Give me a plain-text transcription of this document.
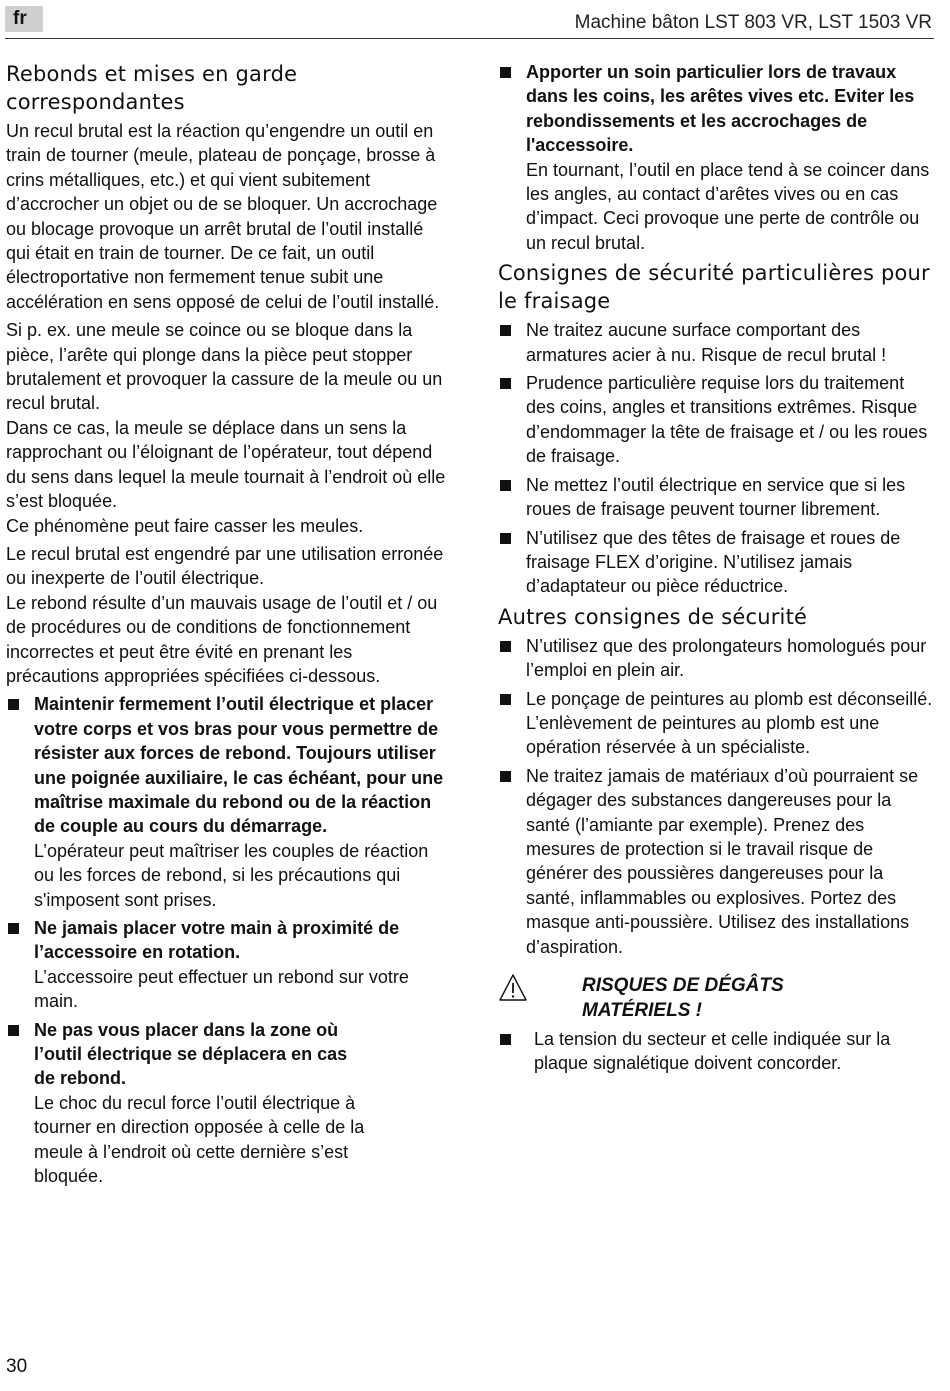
fr	Machine bâton LST 803 VR, LST 1503 VR
Rebonds et mises en garde correspondantes

Un recul brutal est la réaction qu’engendre un outil en train de tourner (meule, plateau de ponçage, brosse à crins métalliques, etc.) et qui vient subitement d’accrocher un objet ou de se bloquer. Un accrochage ou blocage provoque un arrêt brutal de l’outil installé qui était en train de tourner. De ce fait, un outil électroportative non fermement tenue subit une accélération en sens opposé de celui de l’outil installé.

Si p. ex. une meule se coince ou se bloque dans la pièce, l’arête qui plonge dans la pièce peut stopper brutalement et provoquer la cassure de la meule ou un recul brutal.

Dans ce cas, la meule se déplace dans un sens la rapprochant ou l’éloignant de l’opérateur, tout dépend du sens dans lequel la meule tournait à l’endroit où elle s’est bloquée.

Ce phénomène peut faire casser les meules.

Le recul brutal est engendré par une utilisation erronée ou inexperte de l’outil électrique.

Le rebond résulte d’un mauvais usage de l’outil et / ou de procédures ou de conditions de fonctionnement incorrectes et peut être évité en prenant les précautions appropriées spécifiées ci-dessous.

Maintenir fermement l’outil électrique et placer votre corps et vos bras pour vous permettre de résister aux forces de rebond. Toujours utiliser une poignée auxiliaire, le cas échéant, pour une maîtrise maximale du rebond ou de la réaction de couple au cours du démarrage.
L’opérateur peut maîtriser les couples de réaction ou les forces de rebond, si les précautions qui s'imposent sont prises.
Ne jamais placer votre main à proximité de l’accessoire en rotation.
L’accessoire peut effectuer un rebond sur votre main.
Ne pas vous placer dans la zone où l’outil électrique se déplacera en cas de rebond.
Le choc du recul force l’outil électrique à tourner en direction opposée à celle de la meule à l’endroit où cette dernière s’est bloquée.
Apporter un soin particulier lors de travaux dans les coins, les arêtes vives etc. Eviter les rebondissements et les accrochages de l'accessoire.
En tournant, l’outil en place tend à se coincer dans les angles, au contact d’arêtes vives ou en cas d’impact. Ceci provoque une perte de contrôle ou un recul brutal.
Consignes de sécurité particulières pour le fraisage
Ne traitez aucune surface comportant des armatures acier à nu. Risque de recul brutal !
Prudence particulière requise lors du traitement des coins, angles et transitions extrêmes. Risque d’endommager la tête de fraisage et / ou les roues de fraisage.
Ne mettez l’outil électrique en service que si les roues de fraisage peuvent tourner librement.
N’utilisez que des têtes de fraisage et roues de fraisage FLEX d’origine. N’utilisez jamais d’adaptateur ou pièce réductrice.
Autres consignes de sécurité
N’utilisez que des prolongateurs homologués pour l’emploi en plein air.
Le ponçage de peintures au plomb est déconseillé. L’enlèvement de peintures au plomb est une opération réservée à un spécialiste.
Ne traitez jamais de matériaux d’où pourraient se dégager des substances dangereuses pour la santé (l’amiante par exemple). Prenez des mesures de protection si le travail risque de générer des poussières dangereuses pour la santé, inflammables ou explosives. Portez des masque anti-poussière. Utilisez des installations d’aspiration.
RISQUES DE DÉGÂTS
MATÉRIELS !
La tension du secteur et celle indiquée sur la plaque signalétique doivent concorder.
30
